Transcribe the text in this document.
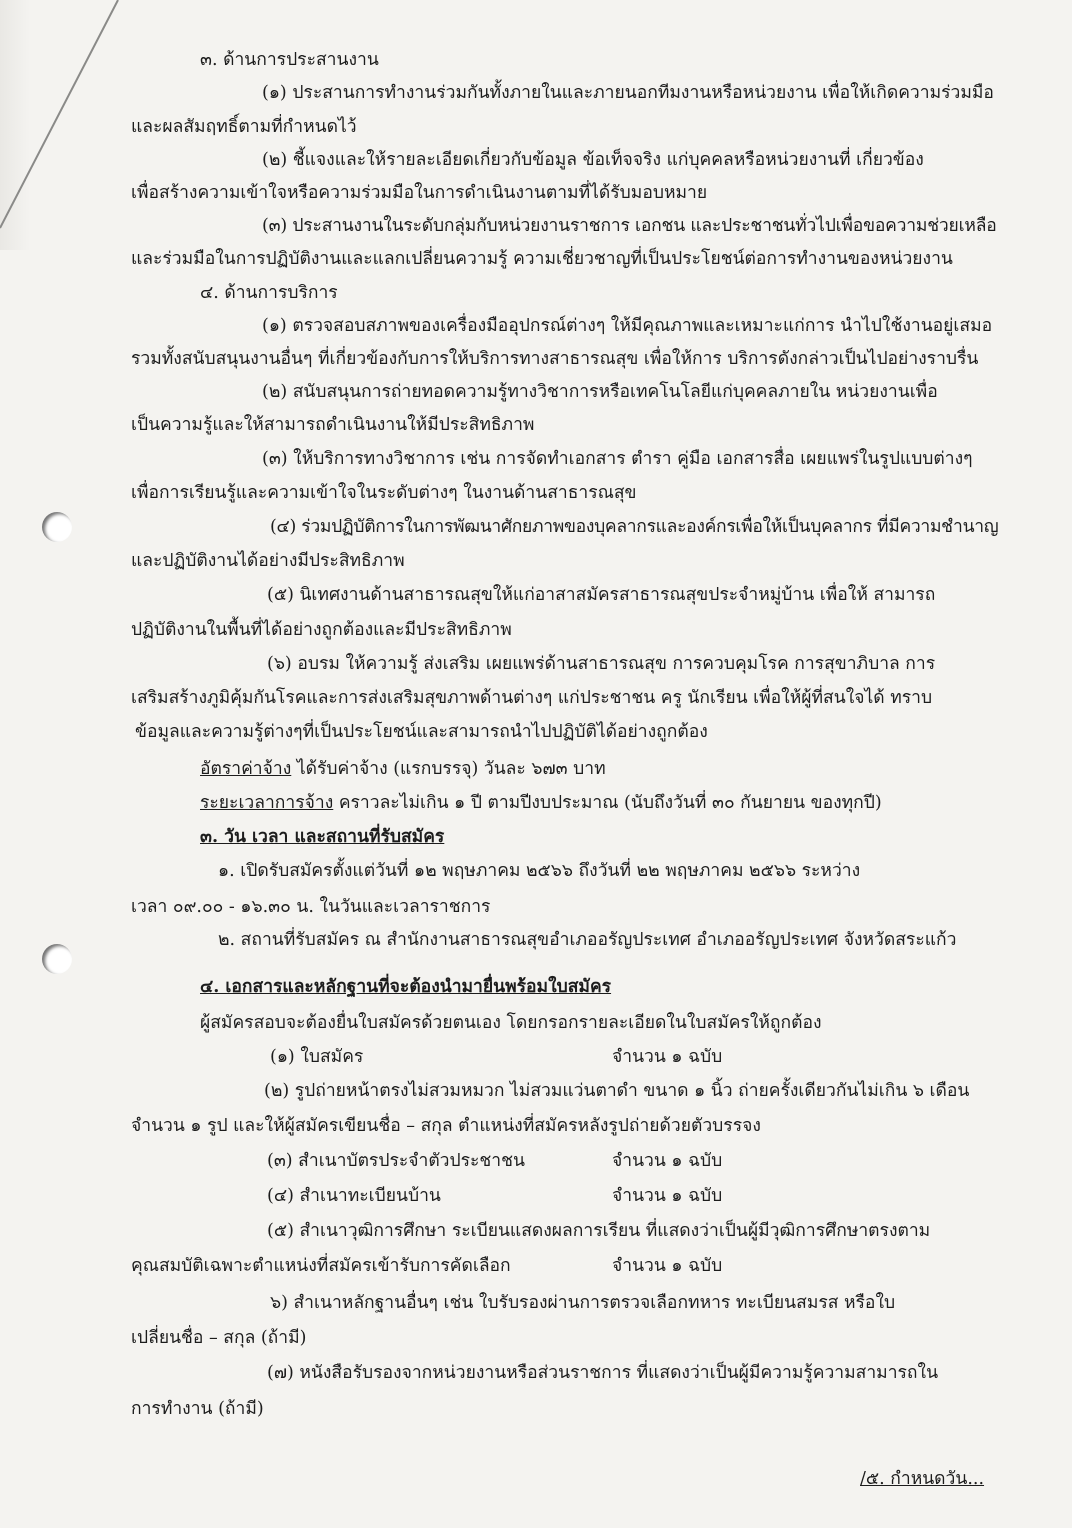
๓. ด้านการประสานงาน
(๑) ประสานการทำงานร่วมกันทั้งภายในและภายนอกทีมงานหรือหน่วยงาน เพื่อให้เกิดความร่วมมือ
และผลสัมฤทธิ์ตามที่กำหนดไว้
(๒) ชี้แจงและให้รายละเอียดเกี่ยวกับข้อมูล ข้อเท็จจริง แก่บุคคลหรือหน่วยงานที่ เกี่ยวข้อง
เพื่อสร้างความเข้าใจหรือความร่วมมือในการดำเนินงานตามที่ได้รับมอบหมาย
(๓) ประสานงานในระดับกลุ่มกับหน่วยงานราชการ เอกชน และประชาชนทั่วไปเพื่อขอความช่วยเหลือ
และร่วมมือในการปฏิบัติงานและแลกเปลี่ยนความรู้ ความเชี่ยวชาญที่เป็นประโยชน์ต่อการทำงานของหน่วยงาน
๔. ด้านการบริการ
(๑) ตรวจสอบสภาพของเครื่องมืออุปกรณ์ต่างๆ ให้มีคุณภาพและเหมาะแก่การ นำไปใช้งานอยู่เสมอ
รวมทั้งสนับสนุนงานอื่นๆ ที่เกี่ยวข้องกับการให้บริการทางสาธารณสุข เพื่อให้การ บริการดังกล่าวเป็นไปอย่างราบรื่น
(๒) สนับสนุนการถ่ายทอดความรู้ทางวิชาการหรือเทคโนโลยีแก่บุคคลภายใน หน่วยงานเพื่อ
เป็นความรู้และให้สามารถดำเนินงานให้มีประสิทธิภาพ
(๓) ให้บริการทางวิชาการ เช่น การจัดทำเอกสาร ตำรา คู่มือ เอกสารสื่อ เผยแพร่ในรูปแบบต่างๆ
เพื่อการเรียนรู้และความเข้าใจในระดับต่างๆ ในงานด้านสาธารณสุข
(๔) ร่วมปฏิบัติการในการพัฒนาศักยภาพของบุคลากรและองค์กรเพื่อให้เป็นบุคลากร ที่มีความชำนาญ
และปฏิบัติงานได้อย่างมีประสิทธิภาพ
(๕) นิเทศงานด้านสาธารณสุขให้แก่อาสาสมัครสาธารณสุขประจำหมู่บ้าน เพื่อให้ สามารถ
ปฏิบัติงานในพื้นที่ได้อย่างถูกต้องและมีประสิทธิภาพ
(๖) อบรม ให้ความรู้ ส่งเสริม เผยแพร่ด้านสาธารณสุข การควบคุมโรค การสุขาภิบาล การ
เสริมสร้างภูมิคุ้มกันโรคและการส่งเสริมสุขภาพด้านต่างๆ แก่ประชาชน ครู นักเรียน เพื่อให้ผู้ที่สนใจได้ ทราบ
ข้อมูลและความรู้ต่างๆที่เป็นประโยชน์และสามารถนำไปปฏิบัติได้อย่างถูกต้อง
อัตราค่าจ้าง ได้รับค่าจ้าง (แรกบรรจุ) วันละ ๖๗๓ บาท
ระยะเวลาการจ้าง คราวละไม่เกิน ๑ ปี ตามปีงบประมาณ (นับถึงวันที่ ๓๐ กันยายน ของทุกปี)
๓. วัน เวลา และสถานที่รับสมัคร
๑. เปิดรับสมัครตั้งแต่วันที่ ๑๒ พฤษภาคม ๒๕๖๖ ถึงวันที่ ๒๒ พฤษภาคม ๒๕๖๖ ระหว่าง
เวลา ๐๙.๐๐ - ๑๖.๓๐ น. ในวันและเวลาราชการ
๒. สถานที่รับสมัคร ณ สำนักงานสาธารณสุขอำเภออรัญประเทศ อำเภออรัญประเทศ จังหวัดสระแก้ว
๔. เอกสารและหลักฐานที่จะต้องนำมายื่นพร้อมใบสมัคร
ผู้สมัครสอบจะต้องยื่นใบสมัครด้วยตนเอง โดยกรอกรายละเอียดในใบสมัครให้ถูกต้อง
(๑) ใบสมัคร	จำนวน ๑ ฉบับ
(๒) รูปถ่ายหน้าตรงไม่สวมหมวก ไม่สวมแว่นตาดำ ขนาด ๑ นิ้ว ถ่ายครั้งเดียวกันไม่เกิน ๖ เดือน
จำนวน ๑ รูป และให้ผู้สมัครเขียนชื่อ – สกุล ตำแหน่งที่สมัครหลังรูปถ่ายด้วยตัวบรรจง
(๓) สำเนาบัตรประจำตัวประชาชน	จำนวน ๑ ฉบับ
(๔) สำเนาทะเบียนบ้าน	จำนวน ๑ ฉบับ
(๕) สำเนาวุฒิการศึกษา ระเบียนแสดงผลการเรียน ที่แสดงว่าเป็นผู้มีวุฒิการศึกษาตรงตาม
คุณสมบัติเฉพาะตำแหน่งที่สมัครเข้ารับการคัดเลือก	จำนวน ๑ ฉบับ
๖) สำเนาหลักฐานอื่นๆ เช่น ใบรับรองผ่านการตรวจเลือกทหาร ทะเบียนสมรส หรือใบ
เปลี่ยนชื่อ – สกุล (ถ้ามี)
(๗) หนังสือรับรองจากหน่วยงานหรือส่วนราชการ ที่แสดงว่าเป็นผู้มีความรู้ความสามารถใน
การทำงาน (ถ้ามี)
/๕. กำหนดวัน...
